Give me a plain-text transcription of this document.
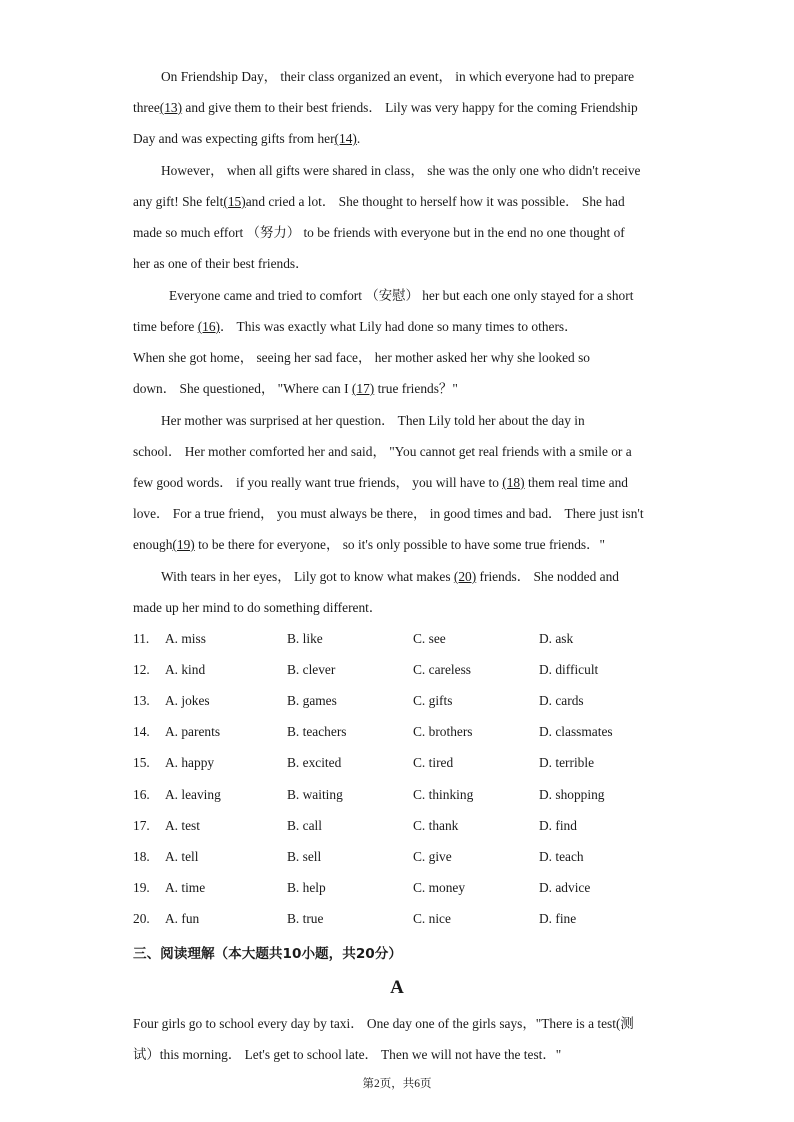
On Friendship Day， their class organized an event， in which everyone had to prepare
three(13) and give them to their best friends． Lily was very happy for the coming Friendship
Day and was expecting gifts from her(14).
However， when all gifts were shared in class， she was the only one who didn't receive
any gift! She felt(15)and cried a lot． She thought to herself how it was possible． She had
made so much effort （努力） to be friends with everyone but in the end no one thought of
her as one of their best friends．
Everyone came and tried to comfort （安慰） her but each one only stayed for a short
time before (16)． This was exactly what Lily had done so many times to others．
When she got home， seeing her sad face， her mother asked her why she looked so
down． She questioned， "Where can I (17) true friends？"
Her mother was surprised at her question． Then Lily told her about the day in
school． Her mother comforted her and said， "You cannot get real friends with a smile or a
few good words． if you really want true friends， you will have to (18) them real time and
love． For a true friend， you must always be there， in good times and bad． There just isn't
enough(19) to be there for everyone， so it's only possible to have some true friends．"
With tears in her eyes， Lily got to know what makes (20) friends． She nodded and
made up her mind to do something different．
11. A. miss	B. like	C. see	D. ask
12. A. kind	B. clever	C. careless	D. difficult
13. A. jokes	B. games	C. gifts	D. cards
14. A. parents	B. teachers	C. brothers	D. classmates
15. A. happy	B. excited	C. tired	D. terrible
16. A. leaving	B. waiting	C. thinking	D. shopping
17. A. test	B. call	C. thank	D. find
18. A. tell	B. sell	C. give	D. teach
19. A. time	B. help	C. money	D. advice
20. A. fun	B. true	C. nice	D. fine
三、阅读理解（本大题共10小题，共20分）
A
Four girls go to school every day by taxi． One day one of the girls says，"There is a test(测
试）this morning． Let's get to school late． Then we will not have the test．"
第2页，共6页
